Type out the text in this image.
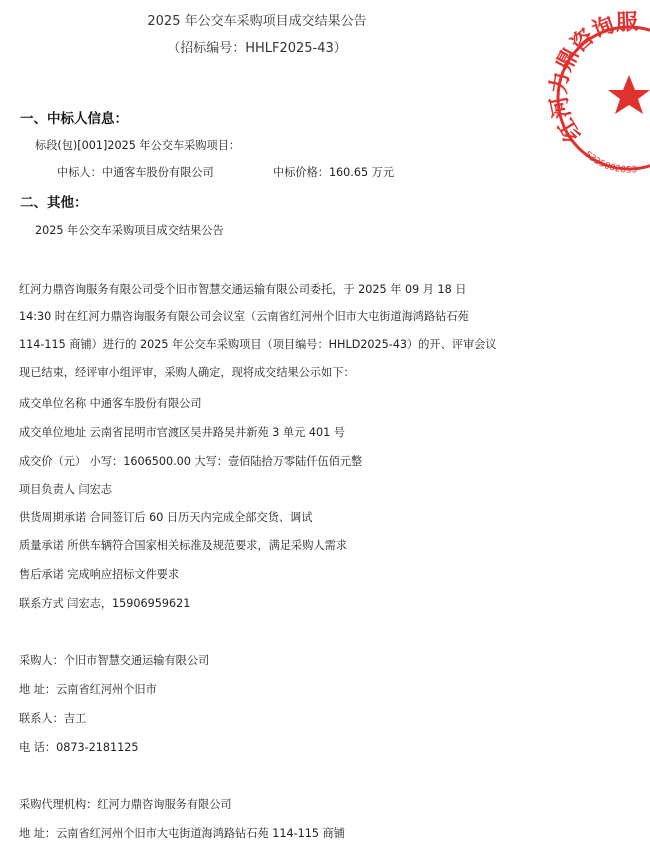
2025 年公交车采购项目成交结果公告
（招标编号：HHLF2025-43）
一、中标人信息：
标段(包)[001]2025 年公交车采购项目：
中标人：中通客车股份有限公司	中标价格：160.65 万元
二、其他：
2025 年公交车采购项目成交结果公告
红河力鼎咨询服务有限公司受个旧市智慧交通运输有限公司委托，于 2025 年 09 月 18 日
14:30 时在红河力鼎咨询服务有限公司会议室（云南省红河州个旧市大屯街道海鸿路钻石苑
114-115 商铺）进行的 2025 年公交车采购项目（项目编号：HHLD2025-43）的开、评审会议
现已结束，经评审小组评审，采购人确定，现将成交结果公示如下：
成交单位名称 中通客车股份有限公司
成交单位地址 云南省昆明市官渡区吴井路吴井新苑 3 单元 401 号
成交价（元） 小写：1606500.00 大写：壹佰陆拾万零陆仟伍佰元整
项目负责人 闫宏志
供货周期承诺 合同签订后 60 日历天内完成全部交货、调试
质量承诺 所供车辆符合国家相关标准及规范要求，满足采购人需求
售后承诺 完成响应招标文件要求
联系方式 闫宏志，15906959621
采购人：个旧市智慧交通运输有限公司
地 址：云南省红河州个旧市
联系人：吉工
电 话：0873-2181125
采购代理机构：红河力鼎咨询服务有限公司
地 址：云南省红河州个旧市大屯街道海鸿路钻石苑 114-115 商铺
红河力鼎咨询服
5325002053
